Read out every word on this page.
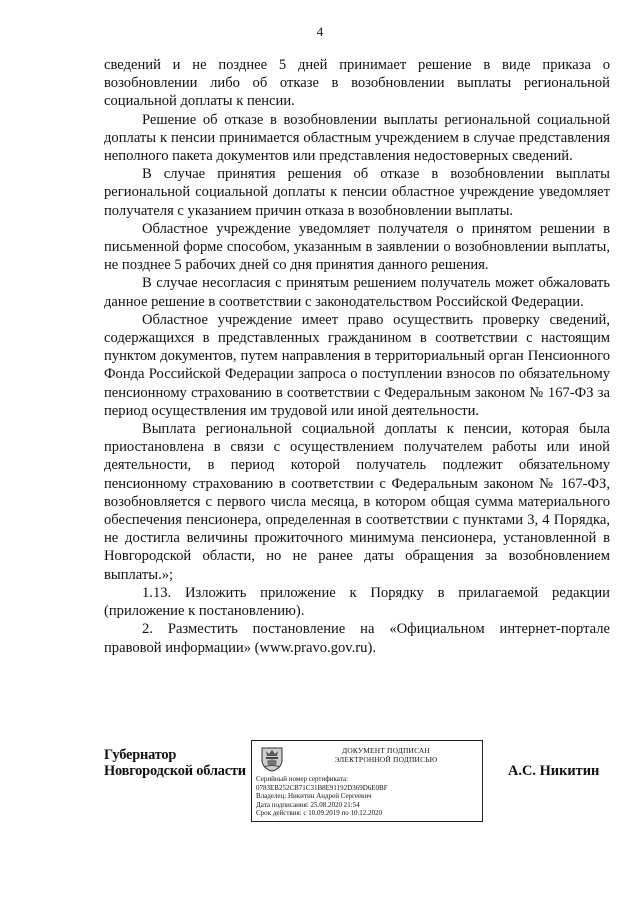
4

сведений и не позднее 5 дней принимает решение в виде приказа о возобновлении либо об отказе в возобновлении выплаты региональной социальной доплаты к пенсии.

Решение об отказе в возобновлении выплаты региональной социальной доплаты к пенсии принимается областным учреждением в случае представления неполного пакета документов или представления недостоверных сведений.

В случае принятия решения об отказе в возобновлении выплаты региональной социальной доплаты к пенсии областное учреждение уведомляет получателя с указанием причин отказа в возобновлении выплаты.

Областное учреждение уведомляет получателя о принятом решении в письменной форме способом, указанным в заявлении о возобновлении выплаты, не позднее 5 рабочих дней со дня принятия данного решения.

В случае несогласия с принятым решением получатель может обжаловать данное решение в соответствии с законодательством Российской Федерации.

Областное учреждение имеет право осуществить проверку сведений, содержащихся в представленных гражданином в соответствии с настоящим пунктом документов, путем направления в территориальный орган Пенсионного Фонда Российской Федерации запроса о поступлении взносов по обязательному пенсионному страхованию в соответствии с Федеральным законом № 167-ФЗ за период осуществления им трудовой или иной деятельности.

Выплата региональной социальной доплаты к пенсии, которая была приостановлена в связи с осуществлением получателем работы или иной деятельности, в период которой получатель подлежит обязательному пенсионному страхованию в соответствии с Федеральным законом № 167-ФЗ, возобновляется с первого числа месяца, в котором общая сумма материального обеспечения пенсионера, определенная в соответствии с пунктами 3, 4 Порядка, не достигла величины прожиточного минимума пенсионера, установленной в Новгородской области, но не ранее даты обращения за возобновлением выплаты.»;

1.13. Изложить приложение к Порядку в прилагаемой редакции (приложение к постановлению).

2. Разместить постановление на «Официальном интернет-портале правовой информации» (www.pravo.gov.ru).

Губернатор
Новгородской области
ДОКУМЕНТ ПОДПИСАН
ЭЛЕКТРОННОЙ ПОДПИСЬЮ
Серийный номер сертификата:
0783EB252CB71C31B8E91192D369D6E0BF
Владелец: Никитин Андрей Сергеевич
Дата подписания: 25.08.2020 21:54
Срок действия: с 10.09.2019 по 10.12.2020
А.С. Никитин
